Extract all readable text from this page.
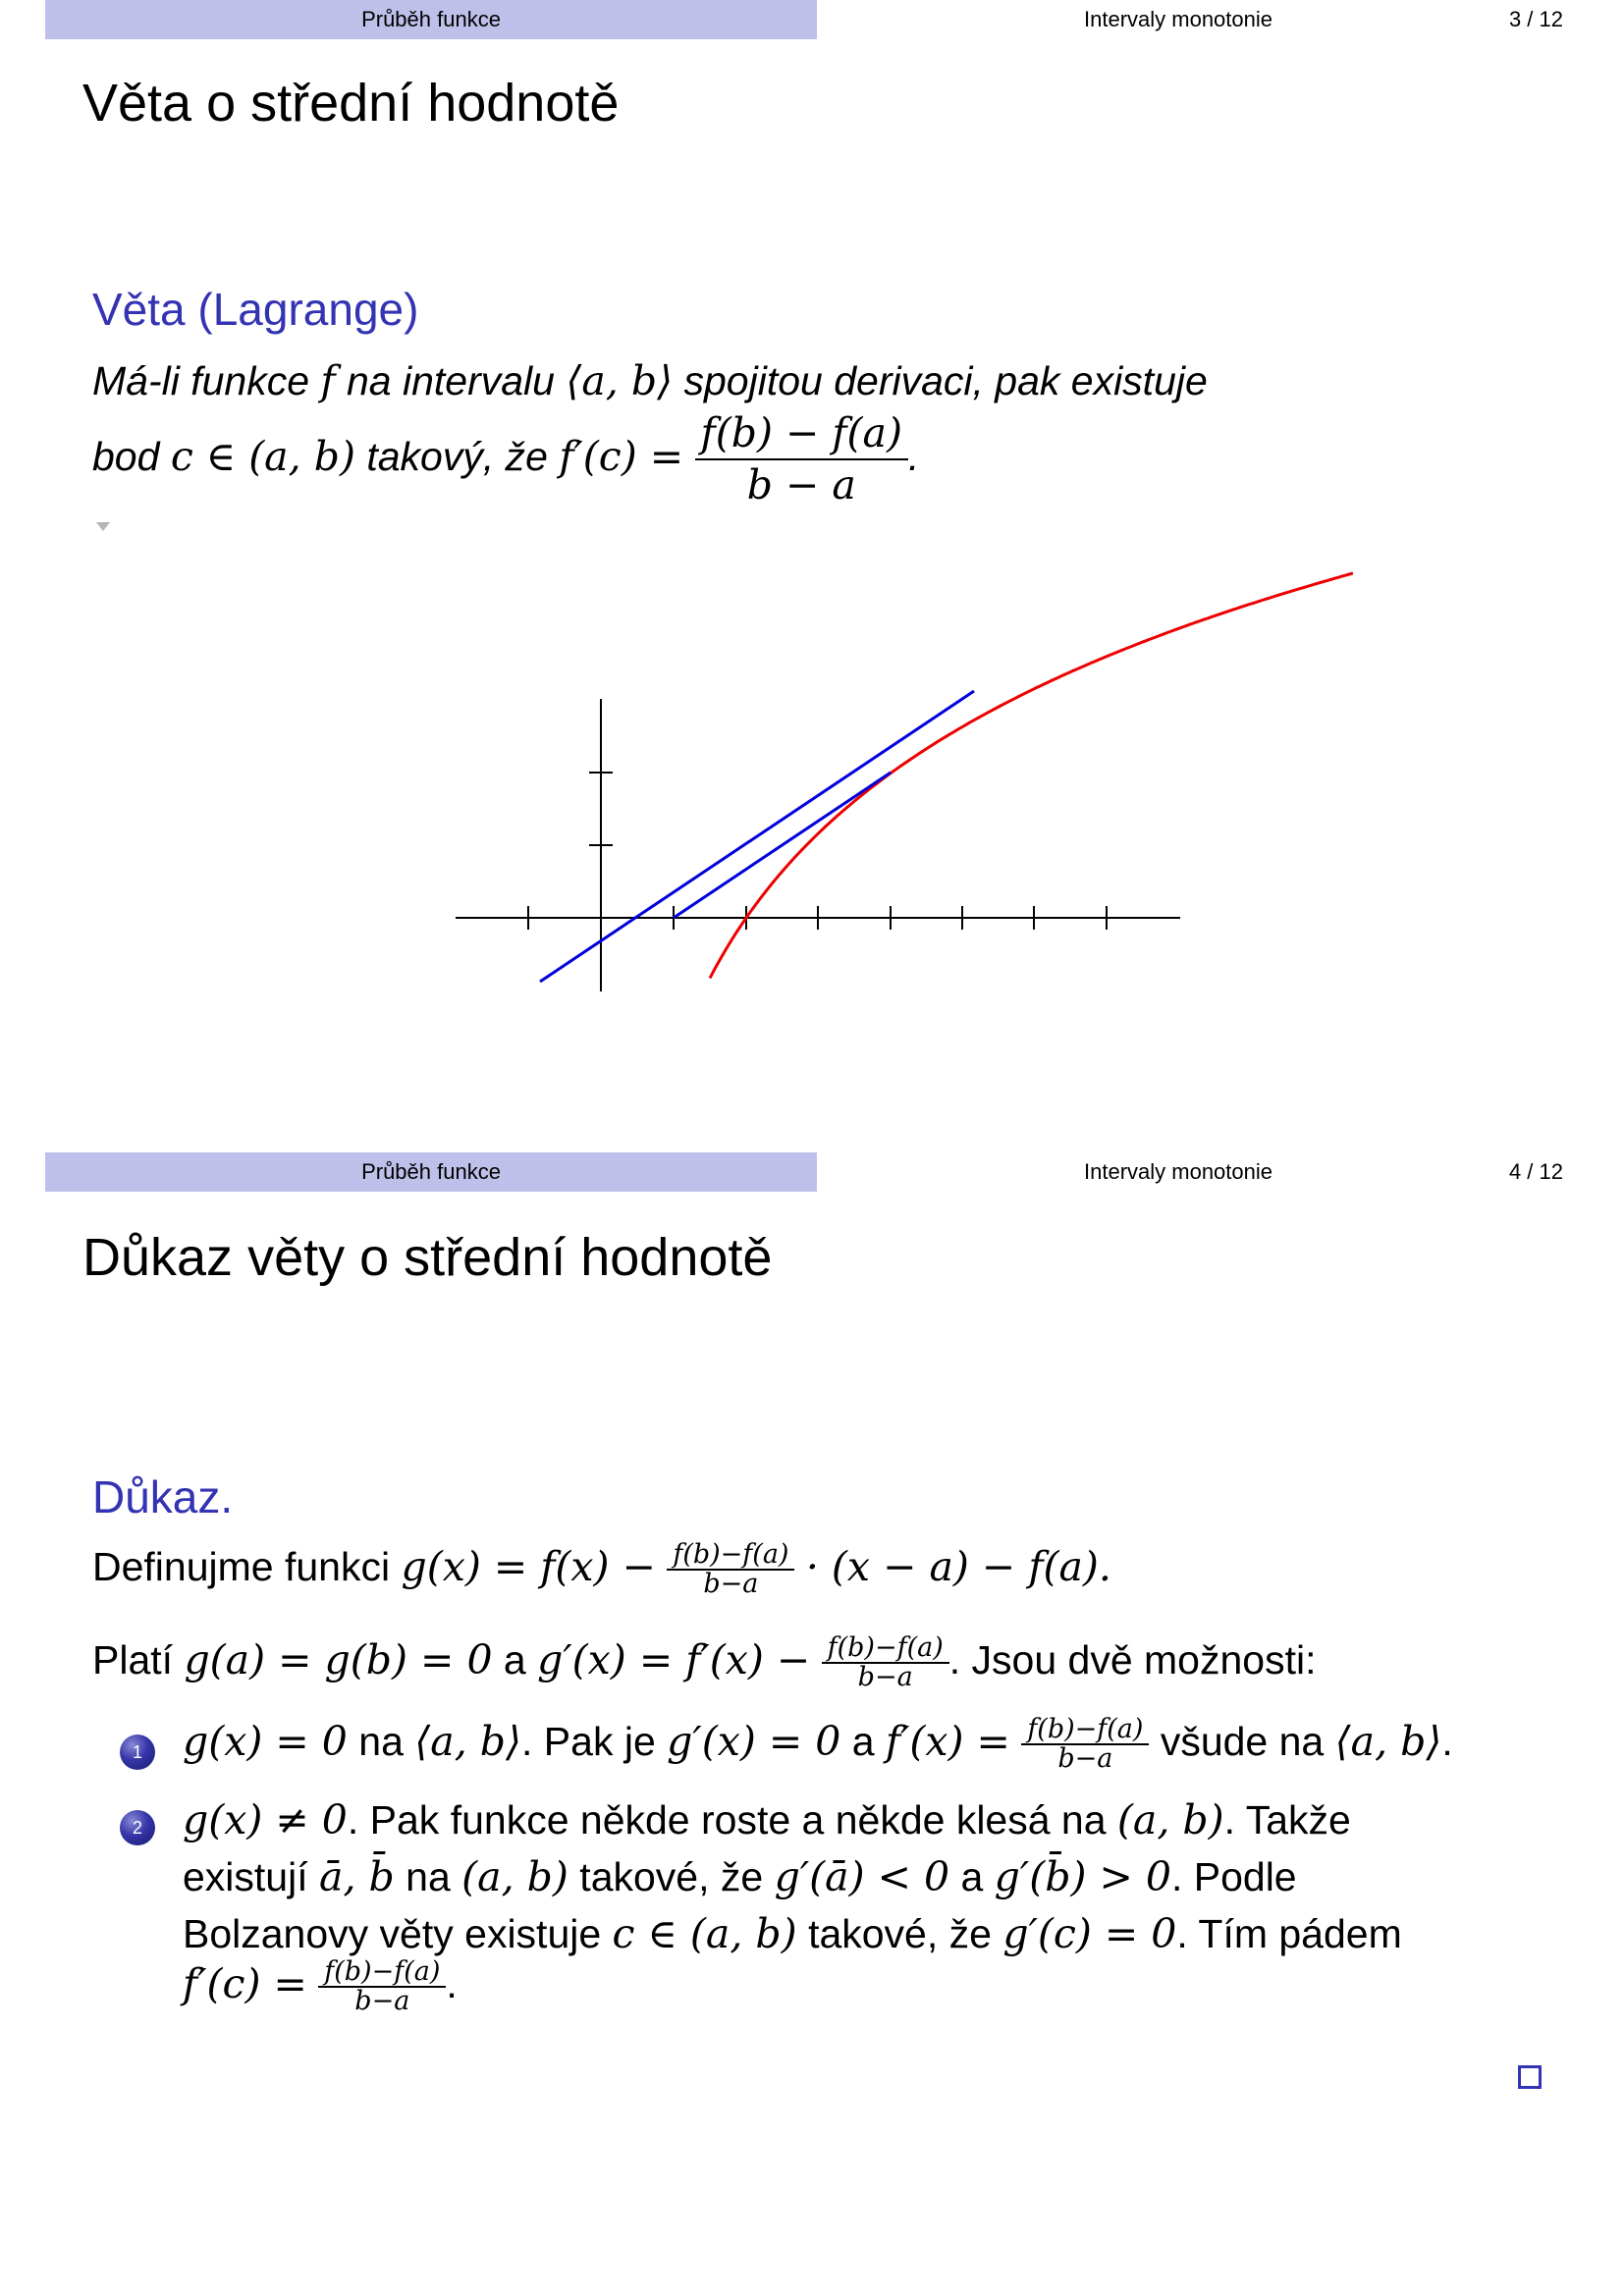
Průběh funkce	Intervaly monotonie	3 / 12
Věta o střední hodnotě
Věta (Lagrange)
Má-li funkce f na intervalu ⟨a, b⟩ spojitou derivaci, pak existuje
bod c ∈ (a, b) takový, že $f'(c) = \frac{f(b) - f(a)}{b - a}$ .
Průběh funkce	Intervaly monotonie	4 / 12
Důkaz věty o střední hodnotě
Důkaz.
Definujme funkci $g(x) = f(x) - \frac{f(b)-f(a)}{b-a} \cdot (x - a) - f(a)$.
Platí g(a) = g(b) = 0 a $g'(x) = f'(x) - \frac{f(b)-f(a)}{b-a}$ . Jsou dvě možnosti:
1	g(x) = 0 na ⟨a, b⟩. Pak je g′(x) = 0 a $f'(x) = \frac{f(b)-f(a)}{b-a}$ všude na ⟨a, b⟩.
2	g(x) ≠ 0. Pak funkce někde roste a někde klesá na (a, b). Takže
existují ā, b̄ na (a, b) takové, že g′(ā) < 0 a g′(b̄) > 0. Podle
Bolzanovy věty existuje c ∈ (a, b) takové, že g′(c) = 0. Tím pádem
$f'(c) = \frac{f(b)-f(a)}{b-a}$ .
